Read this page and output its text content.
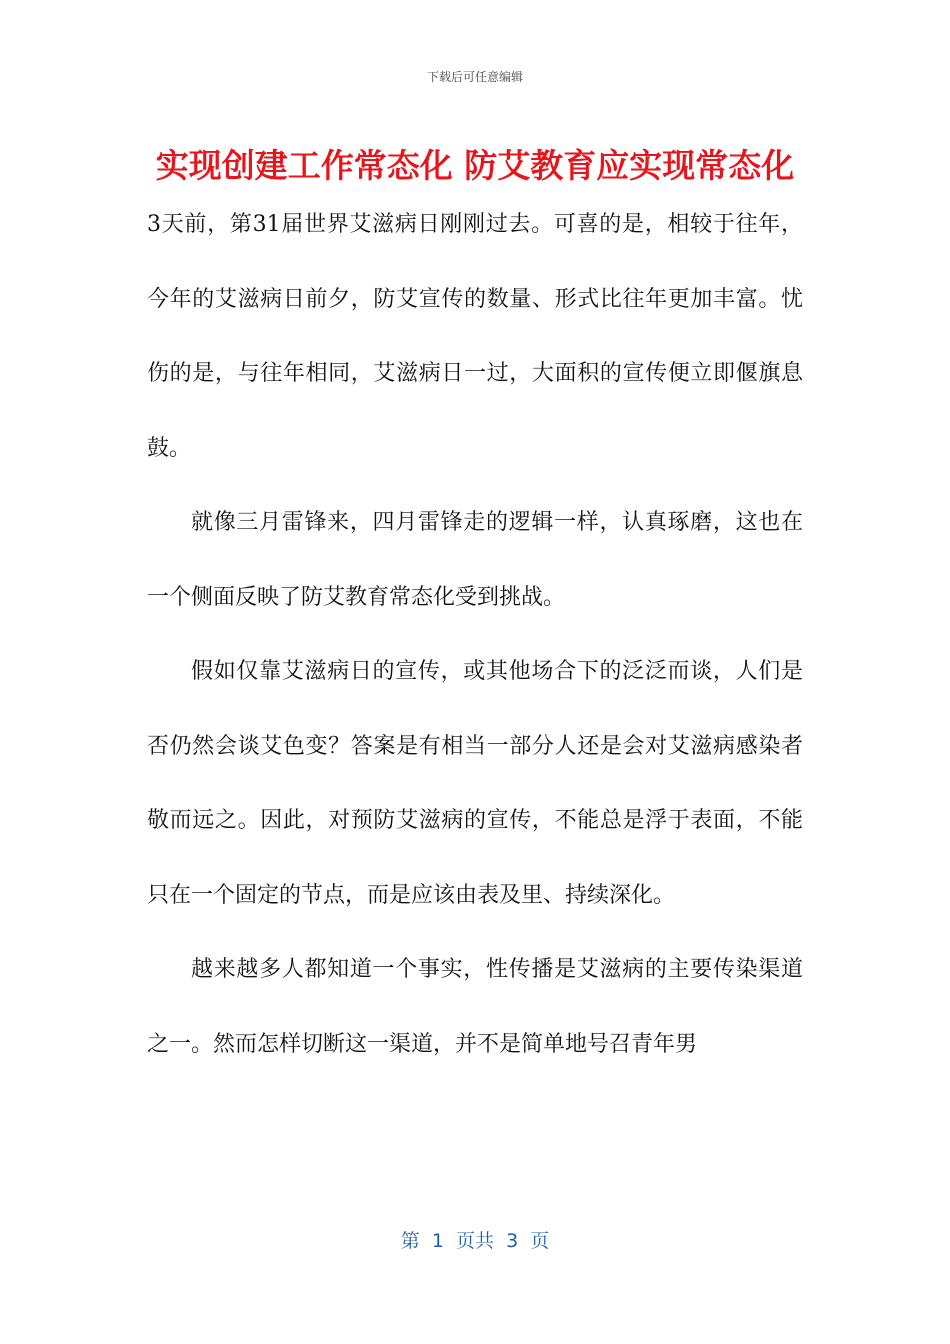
下载后可任意编辑
实现创建工作常态化 防艾教育应实现常态化

3天前，第31届世界艾滋病日刚刚过去。可喜的是，相较于往年，今年的艾滋病日前夕，防艾宣传的数量、形式比往年更加丰富。忧伤的是，与往年相同，艾滋病日一过，大面积的宣传便立即偃旗息鼓。

就像三月雷锋来，四月雷锋走的逻辑一样，认真琢磨，这也在一个侧面反映了防艾教育常态化受到挑战。

假如仅靠艾滋病日的宣传，或其他场合下的泛泛而谈，人们是否仍然会谈艾色变？答案是有相当一部分人还是会对艾滋病感染者敬而远之。因此，对预防艾滋病的宣传，不能总是浮于表面，不能只在一个固定的节点，而是应该由表及里、持续深化。

越来越多人都知道一个事实，性传播是艾滋病的主要传染渠道之一。然而怎样切断这一渠道，并不是简单地号召青年男

第  1  页共  3  页
